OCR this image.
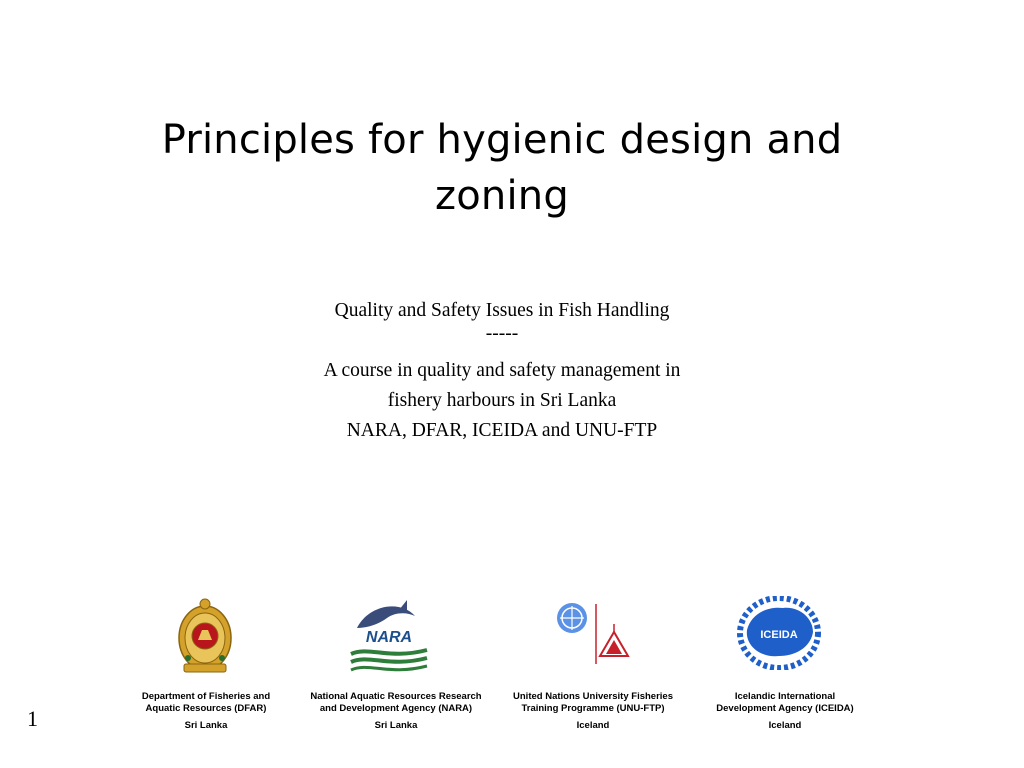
Principles for hygienic design and zoning
Quality and Safety Issues in Fish Handling
-----
A course in quality and safety management in
fishery harbours in Sri Lanka
NARA, DFAR, ICEIDA and UNU-FTP
NARA	ICEIDA
Department of Fisheries and
Aquatic Resources (DFAR)
Sri Lanka
National Aquatic Resources Research
and Development Agency (NARA)
Sri Lanka
United Nations University Fisheries
Training Programme (UNU-FTP)
Iceland
Icelandic International
Development Agency (ICEIDA)
Iceland
1
